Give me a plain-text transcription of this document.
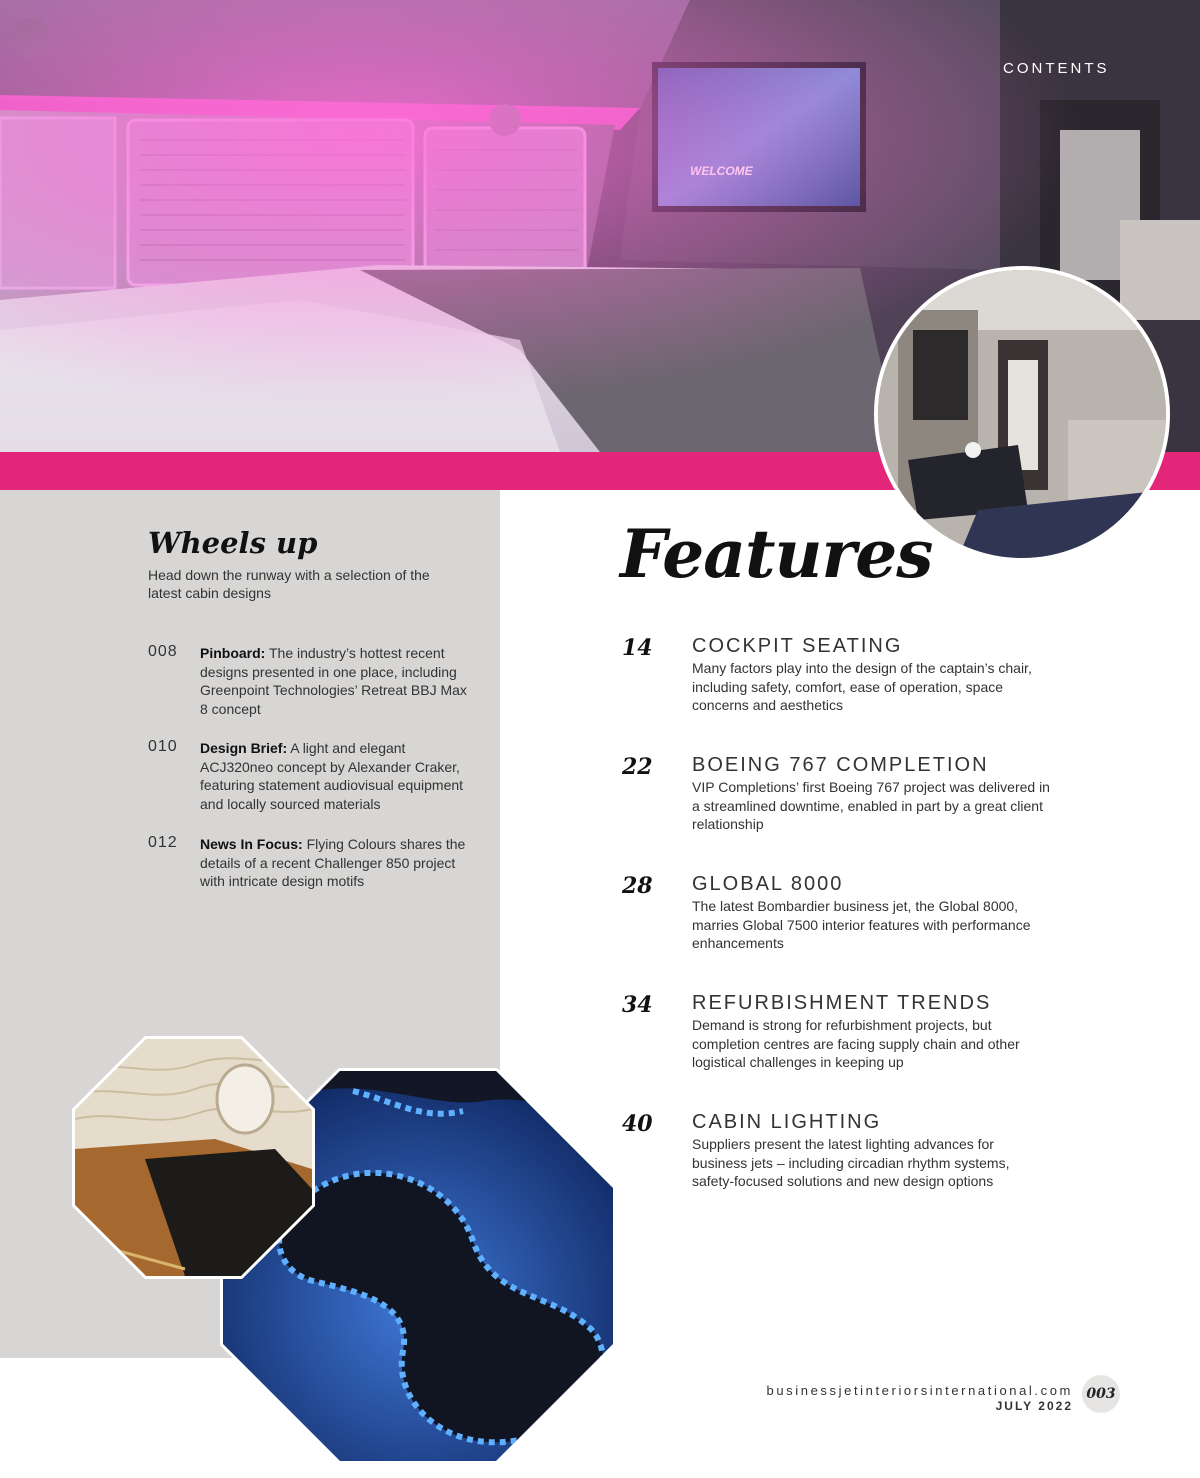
CONTENTS
Wheels up
Head down the runway with a selection of the latest cabin designs
008 Pinboard: The industry’s hottest recent designs presented in one place, including Greenpoint Technologies’ Retreat BBJ Max 8 concept
010 Design Brief: A light and elegant ACJ320neo concept by Alexander Craker, featuring statement audiovisual equipment and locally sourced materials
012 News In Focus: Flying Colours shares the details of a recent Challenger 850 project with intricate design motifs
Features
14 COCKPIT SEATING
Many factors play into the design of the captain’s chair, including safety, comfort, ease of operation, space concerns and aesthetics
22 BOEING 767 COMPLETION
VIP Completions’ first Boeing 767 project was delivered in a streamlined downtime, enabled in part by a great client relationship
28 GLOBAL 8000
The latest Bombardier business jet, the Global 8000, marries Global 7500 interior features with performance enhancements
34 REFURBISHMENT TRENDS
Demand is strong for refurbishment projects, but completion centres are facing supply chain and other logistical challenges in keeping up
40 CABIN LIGHTING
Suppliers present the latest lighting advances for business jets – including circadian rhythm systems, safety-focused solutions and new design options
businessjetinteriorsinternational.com
JULY 2022
003
